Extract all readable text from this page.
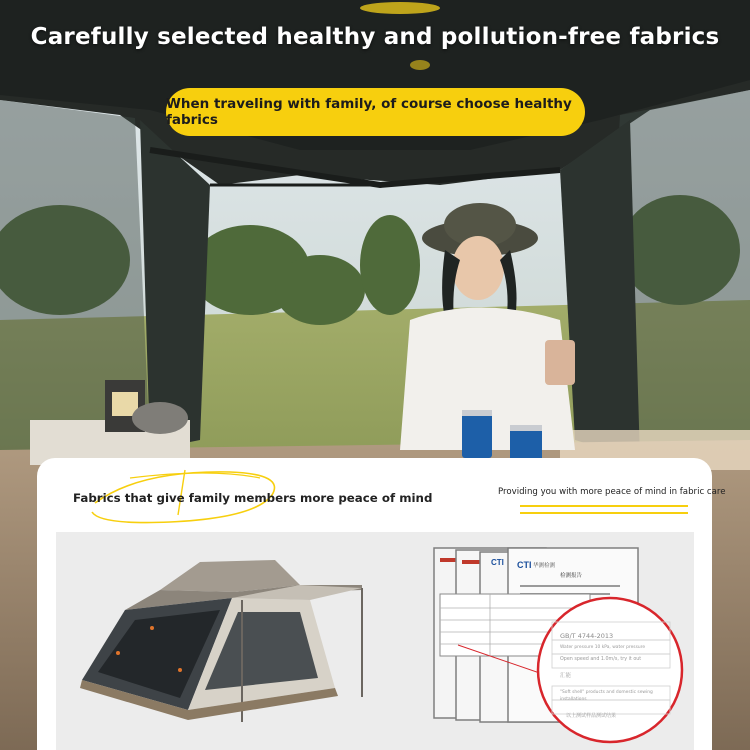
Carefully selected healthy and pollution-free fabrics
When traveling with family, of course choose healthy fabrics
Fabrics that give family members more peace of mind	Providing you with more peace of mind in fabric care
CTI 华测检测
检测报告
CTI
GB/T 4744-2013
Water pressure 10 kPa, water pressure
Open speed and 1.0m/s, try it out
汇能
"Soft shell" products and domestic sewing
installations
以上测试样品测试结果
